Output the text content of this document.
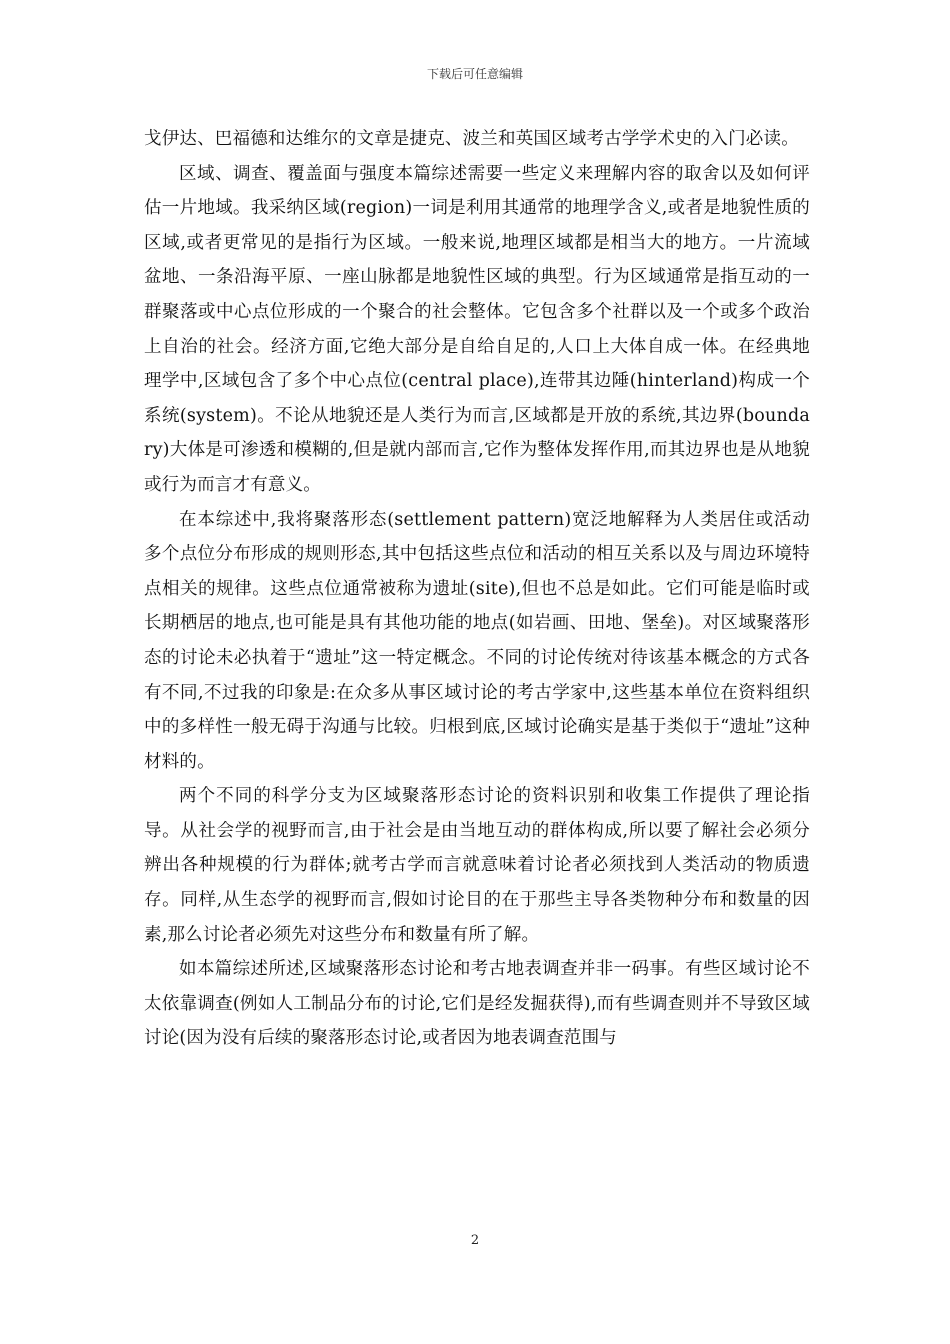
下载后可任意编辑

戈伊达、巴福德和达维尔的文章是捷克、波兰和英国区域考古学学术史的入门必读。

区域、调查、覆盖面与强度本篇综述需要一些定义来理解内容的取舍以及如何评估一片地域。我采纳区域(region)一词是利用其通常的地理学含义,或者是地貌性质的区域,或者更常见的是指行为区域。一般来说,地理区域都是相当大的地方。一片流域盆地、一条沿海平原、一座山脉都是地貌性区域的典型。行为区域通常是指互动的一群聚落或中心点位形成的一个聚合的社会整体。它包含多个社群以及一个或多个政治上自治的社会。经济方面,它绝大部分是自给自足的,人口上大体自成一体。在经典地理学中,区域包含了多个中心点位(central place),连带其边陲(hinterland)构成一个系统(system)。不论从地貌还是人类行为而言,区域都是开放的系统,其边界(boundary)大体是可渗透和模糊的,但是就内部而言,它作为整体发挥作用,而其边界也是从地貌或行为而言才有意义。

在本综述中,我将聚落形态(settlement pattern)宽泛地解释为人类居住或活动多个点位分布形成的规则形态,其中包括这些点位和活动的相互关系以及与周边环境特点相关的规律。这些点位通常被称为遗址(site),但也不总是如此。它们可能是临时或长期栖居的地点,也可能是具有其他功能的地点(如岩画、田地、堡垒)。对区域聚落形态的讨论未必执着于“遗址”这一特定概念。不同的讨论传统对待该基本概念的方式各有不同,不过我的印象是:在众多从事区域讨论的考古学家中,这些基本单位在资料组织中的多样性一般无碍于沟通与比较。归根到底,区域讨论确实是基于类似于“遗址”这种材料的。

两个不同的科学分支为区域聚落形态讨论的资料识别和收集工作提供了理论指导。从社会学的视野而言,由于社会是由当地互动的群体构成,所以要了解社会必须分辨出各种规模的行为群体;就考古学而言就意味着讨论者必须找到人类活动的物质遗存。同样,从生态学的视野而言,假如讨论目的在于那些主导各类物种分布和数量的因素,那么讨论者必须先对这些分布和数量有所了解。

如本篇综述所述,区域聚落形态讨论和考古地表调查并非一码事。有些区域讨论不太依靠调查(例如人工制品分布的讨论,它们是经发掘获得),而有些调查则并不导致区域讨论(因为没有后续的聚落形态讨论,或者因为地表调查范围与

2
